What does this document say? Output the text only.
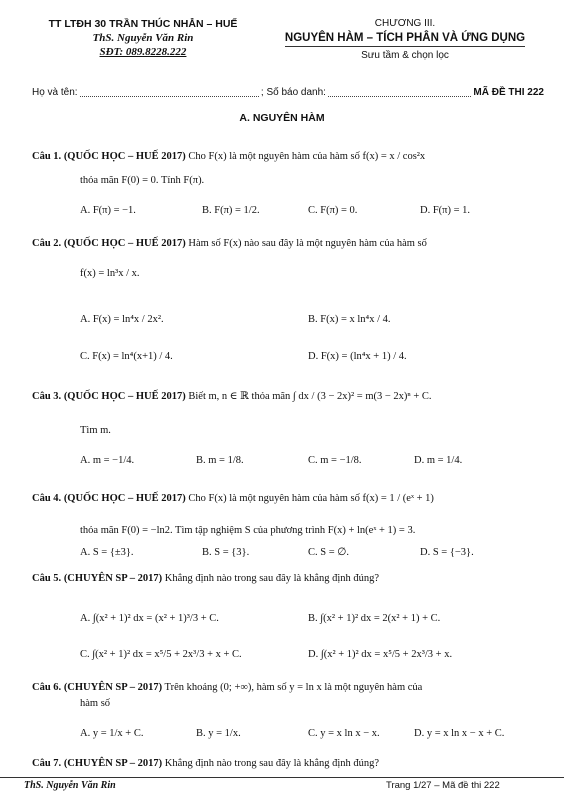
TT LTĐH 30 TRẦN THÚC NHẪN – HUẾ
ThS. Nguyễn Văn Rin
SĐT: 089.8228.222
CHƯƠNG III.
NGUYÊN HÀM – TÍCH PHÂN VÀ ỨNG DỤNG
Sưu tầm & chọn lọc
Họ và tên:	; Số báo danh:	MÃ ĐỀ THI 222
A. NGUYÊN HÀM
Câu 1. (QUỐC HỌC – HUẾ 2017) Cho F(x) là một nguyên hàm của hàm số f(x) = x / cos²x
thỏa mãn F(0) = 0. Tính F(π).
A. F(π) = −1.	B. F(π) = 1/2.	C. F(π) = 0.	D. F(π) = 1.
Câu 2. (QUỐC HỌC – HUẾ 2017) Hàm số F(x) nào sau đây là một nguyên hàm của hàm số
f(x) = ln³x / x.
A. F(x) = ln⁴x / 2x².	B. F(x) = x ln⁴x / 4.
C. F(x) = ln⁴(x+1) / 4.	D. F(x) = (ln⁴x + 1) / 4.
Câu 3. (QUỐC HỌC – HUẾ 2017) Biết m, n ∈ ℝ thỏa mãn ∫ dx / (3 − 2x)² = m(3 − 2x)ⁿ + C.
Tìm m.
A. m = −1/4.	B. m = 1/8.	C. m = −1/8.	D. m = 1/4.
Câu 4. (QUỐC HỌC – HUẾ 2017) Cho F(x) là một nguyên hàm của hàm số f(x) = 1 / (eˣ + 1)
thỏa mãn F(0) = −ln2. Tìm tập nghiệm S của phương trình F(x) + ln(eˣ + 1) = 3.
A. S = {±3}.	B. S = {3}.	C. S = ∅.	D. S = {−3}.
Câu 5. (CHUYÊN SP – 2017) Khẳng định nào trong sau đây là khẳng định đúng?
A. ∫(x² + 1)² dx = (x² + 1)³/3 + C.	B. ∫(x² + 1)² dx = 2(x² + 1) + C.
C. ∫(x² + 1)² dx = x⁵/5 + 2x³/3 + x + C.	D. ∫(x² + 1)² dx = x⁵/5 + 2x³/3 + x.
Câu 6. (CHUYÊN SP – 2017) Trên khoảng (0; +∞), hàm số y = ln x là một nguyên hàm của
hàm số
A. y = 1/x + C.	B. y = 1/x.	C. y = x ln x − x.	D. y = x ln x − x + C.
Câu 7. (CHUYÊN SP – 2017) Khẳng định nào trong sau đây là khẳng định đúng?
ThS. Nguyễn Văn Rin	Trang 1/27 – Mã đề thi 222
